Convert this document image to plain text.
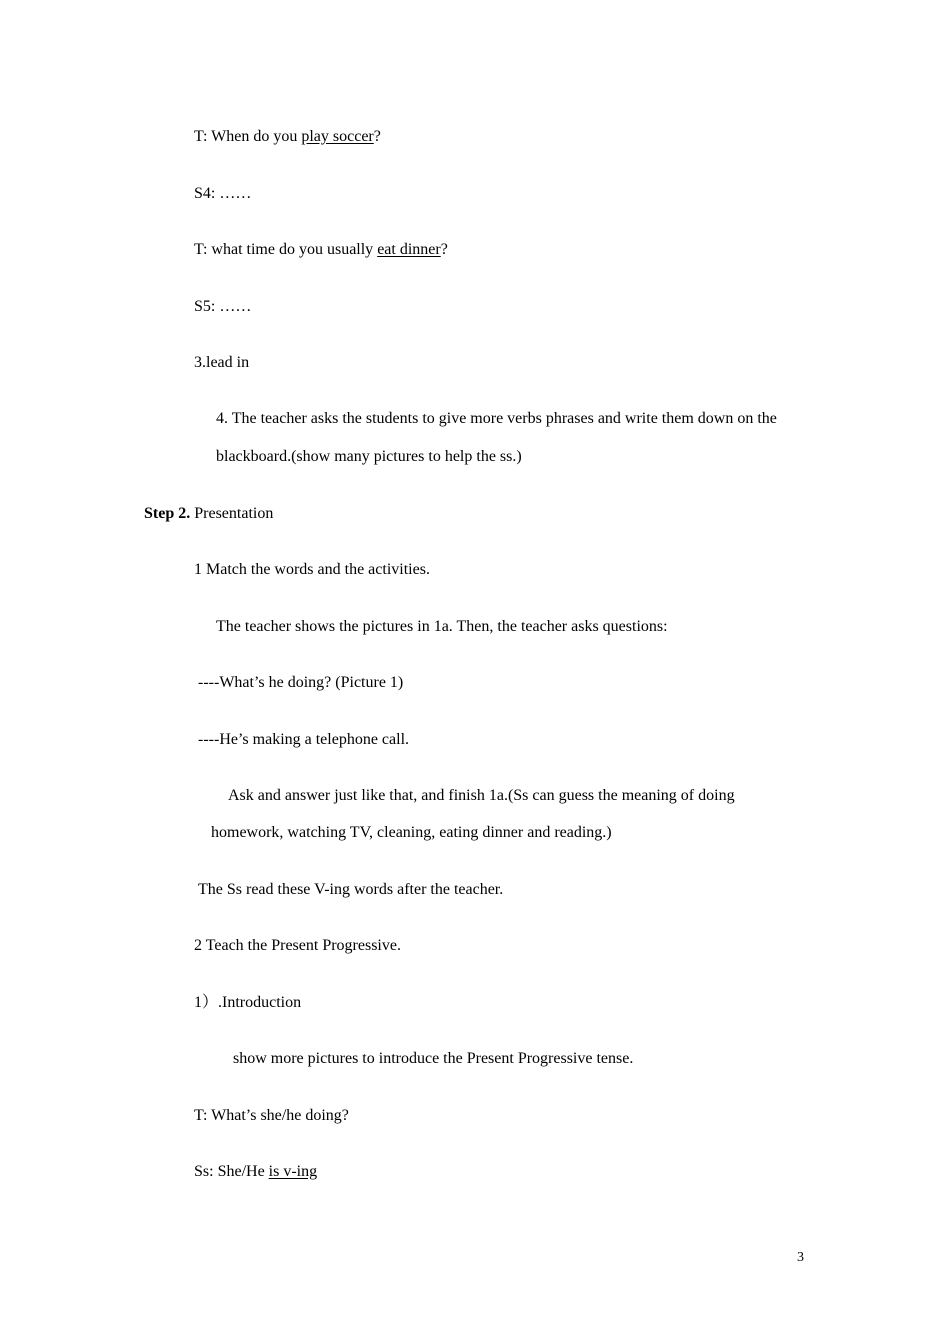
T: When do you play soccer?
S4: ……
T: what time do you usually eat dinner?
S5: ……
3.lead in
4. The teacher asks the students to give more verbs phrases and write them down on the
blackboard.(show many pictures to help the ss.)
Step 2. Presentation
1 Match the words and the activities.
The teacher shows the pictures in 1a. Then, the teacher asks questions:
----What’s he doing? (Picture 1)
----He’s making a telephone call.
Ask and answer just like that, and finish 1a.(Ss can guess the meaning of doing
homework, watching TV, cleaning, eating dinner and reading.)
The Ss read these V-ing words after the teacher.
2 Teach the Present Progressive.
1）.Introduction
show more pictures to introduce the Present Progressive tense.
T: What’s she/he doing?
Ss: She/He is v-ing
3
